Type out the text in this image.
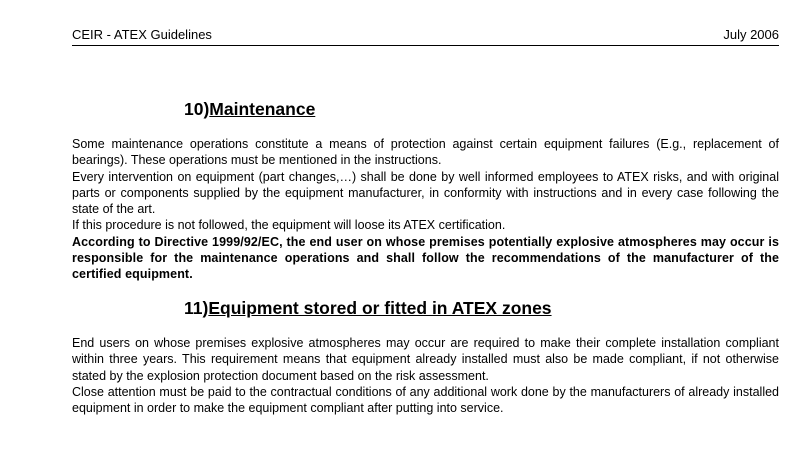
CEIR - ATEX Guidelines	July 2006
10)Maintenance

Some maintenance operations constitute a means of protection against certain equipment failures (E.g., replacement of bearings). These operations must be mentioned in the instructions.

Every intervention on equipment (part changes,…) shall be done by well informed employees to ATEX risks, and with original parts or components supplied by the equipment manufacturer, in conformity with instructions and in every case following the state of the art.

If this procedure is not followed, the equipment will loose its ATEX certification.

According to Directive 1999/92/EC, the end user on whose premises potentially explosive atmospheres may occur is responsible for the maintenance operations and shall follow the recommendations of the manufacturer of the certified equipment.

11)Equipment stored or fitted in ATEX zones

End users on whose premises explosive atmospheres may occur are required to make their complete installation compliant within three years. This requirement means that equipment already installed must also be made compliant, if not otherwise stated by the explosion protection document based on the risk assessment.

Close attention must be paid to the contractual conditions of any additional work done by the manufacturers of already installed equipment in order to make the equipment compliant after putting into service.
